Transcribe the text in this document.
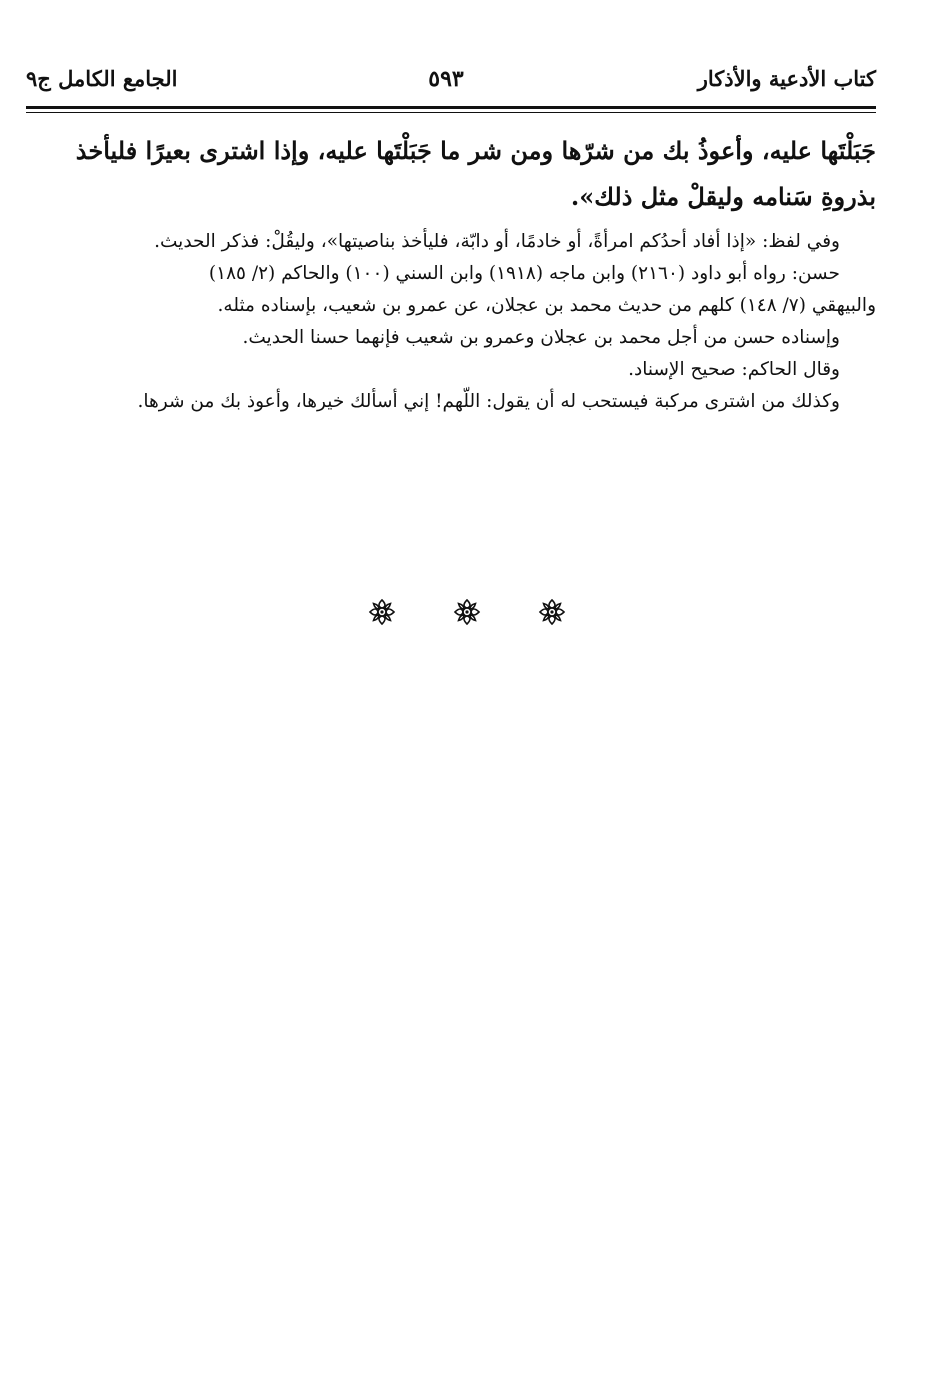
كتاب الأدعية والأذكار
٥٩٣
الجامع الكامل ج٩

جَبَلْتَها عليه، وأعوذُ بك من شرّها ومن شر ما جَبَلْتَها عليه، وإذا اشترى بعيرًا فليأخذ

بذروةِ سَنامه وليقلْ مثل ذلك».

وفي لفظ: «إذا أفاد أحدُكم امرأةً، أو خادمًا، أو دابّة، فليأخذ بناصيتها»، وليقُلْ: فذكر الحديث.

حسن: رواه أبو داود (٢١٦٠) وابن ماجه (١٩١٨) وابن السني (١٠٠) والحاكم (٢/ ١٨٥)

والبيهقي (٧/ ١٤٨) كلهم من حديث محمد بن عجلان، عن عمرو بن شعيب، بإسناده مثله.

وإسناده حسن من أجل محمد بن عجلان وعمرو بن شعيب فإنهما حسنا الحديث.

وقال الحاكم: صحيح الإسناد.

وكذلك من اشترى مركبة فيستحب له أن يقول: اللّهم! إني أسألك خيرها، وأعوذ بك من شرها.
